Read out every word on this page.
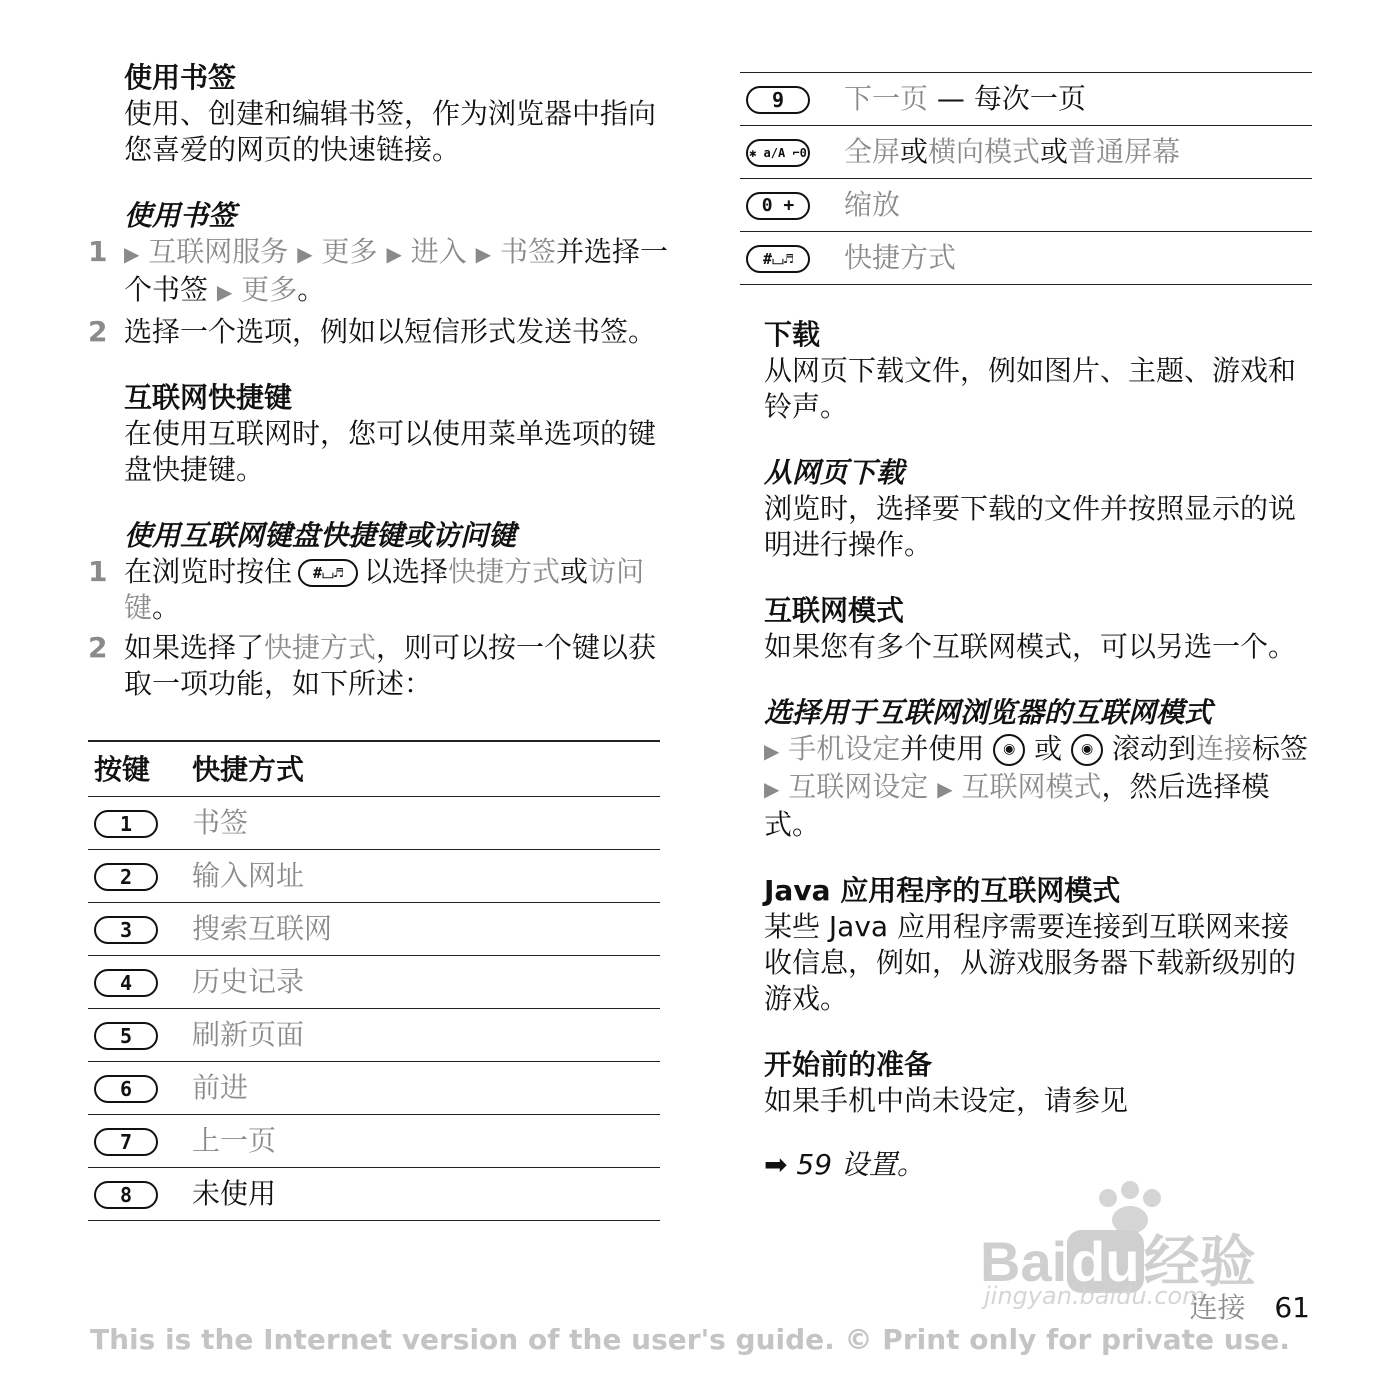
使用书签

使用、创建和编辑书签，作为浏览器中指向您喜爱的网页的快速链接。

使用书签

1 ▶ 互联网服务 ▶ 更多 ▶ 进入 ▶ 书签并选择一个书签 ▶ 更多。
2 选择一个选项，例如以短信形式发送书签。

互联网快捷键

在使用互联网时，您可以使用菜单选项的键盘快捷键。

使用互联网键盘快捷键或访问键

1 在浏览时按住 #⌴♬ 以选择快捷方式或访问键。
2 如果选择了快捷方式，则可以按一个键以获取一项功能，如下所述：
按键	快捷方式
1	书签
2	输入网址
3	搜索互联网
4	历史记录
5	刷新页面
6	前进
7	上一页
8	未使用
9	下一页 — 每次一页
✱ a/A ⌐0	全屏或横向模式或普通屏幕
0 +	缩放
#⌴♬	快捷方式

下载

从网页下载文件，例如图片、主题、游戏和铃声。

从网页下载

浏览时，选择要下载的文件并按照显示的说明进行操作。

互联网模式

如果您有多个互联网模式，可以另选一个。

选择用于互联网浏览器的互联网模式

▶ 手机设定并使用 ◉ 或 ◉ 滚动到连接标签 ▶ 互联网设定 ▶ 互联网模式，然后选择模式。

Java 应用程序的互联网模式

某些 Java 应用程序需要连接到互联网来接收信息，例如，从游戏服务器下载新级别的游戏。

开始前的准备

如果手机中尚未设定，请参见

➡ 59 设置。

Baidu经验
jingyan.baidu.com
连接 61
This is the Internet version of the user's guide. © Print only for private use.
